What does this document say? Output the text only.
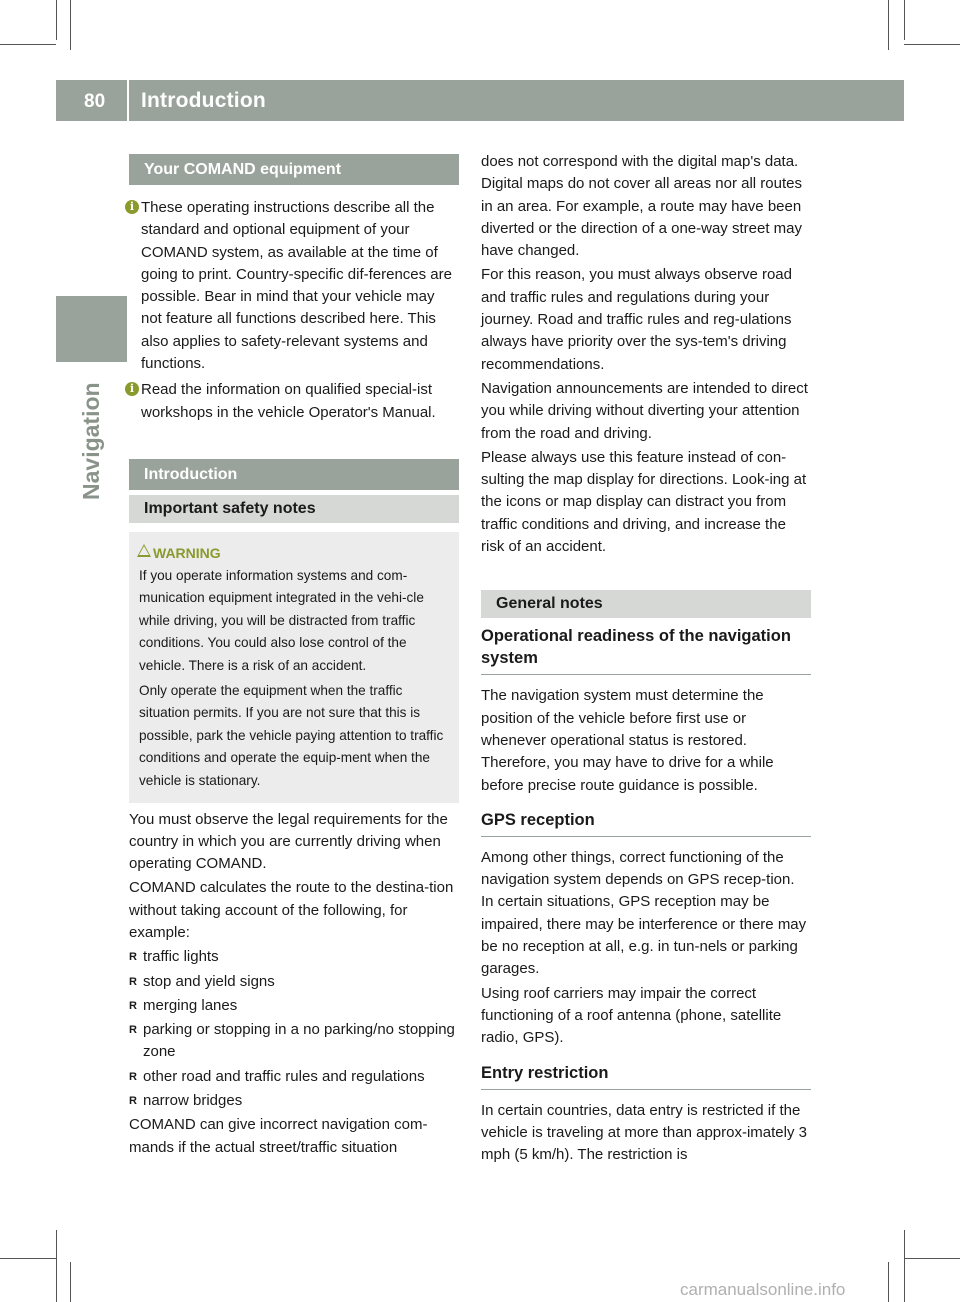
80 Introduction
Navigation
Your COMAND equipment
i These operating instructions describe all the standard and optional equipment of your COMAND system, as available at the time of going to print. Country-specific dif-ferences are possible. Bear in mind that your vehicle may not feature all functions described here. This also applies to safety-relevant systems and functions.

i Read the information on qualified special-ist workshops in the vehicle Operator's Manual.

Introduction
Important safety notes
WARNING

If you operate information systems and com-munication equipment integrated in the vehi-cle while driving, you will be distracted from traffic conditions. You could also lose control of the vehicle. There is a risk of an accident.

Only operate the equipment when the traffic situation permits. If you are not sure that this is possible, park the vehicle paying attention to traffic conditions and operate the equip-ment when the vehicle is stationary.

You must observe the legal requirements for the country in which you are currently driving when operating COMAND.

COMAND calculates the route to the destina-tion without taking account of the following, for example:

R traffic lights
R stop and yield signs
R merging lanes
R parking or stopping in a no parking/no stopping zone
R other road and traffic rules and regulations
R narrow bridges

COMAND can give incorrect navigation com-mands if the actual street/traffic situation

does not correspond with the digital map's data. Digital maps do not cover all areas nor all routes in an area. For example, a route may have been diverted or the direction of a one-way street may have changed.

For this reason, you must always observe road and traffic rules and regulations during your journey. Road and traffic rules and reg-ulations always have priority over the sys-tem's driving recommendations.

Navigation announcements are intended to direct you while driving without diverting your attention from the road and driving.

Please always use this feature instead of con-sulting the map display for directions. Look-ing at the icons or map display can distract you from traffic conditions and driving, and increase the risk of an accident.

General notes
Operational readiness of the navigation system

The navigation system must determine the position of the vehicle before first use or whenever operational status is restored. Therefore, you may have to drive for a while before precise route guidance is possible.

GPS reception

Among other things, correct functioning of the navigation system depends on GPS recep-tion. In certain situations, GPS reception may be impaired, there may be interference or there may be no reception at all, e.g. in tun-nels or parking garages.

Using roof carriers may impair the correct functioning of a roof antenna (phone, satellite radio, GPS).

Entry restriction

In certain countries, data entry is restricted if the vehicle is traveling at more than approx-imately 3 mph (5 km/h). The restriction is

carmanualsonline.info
